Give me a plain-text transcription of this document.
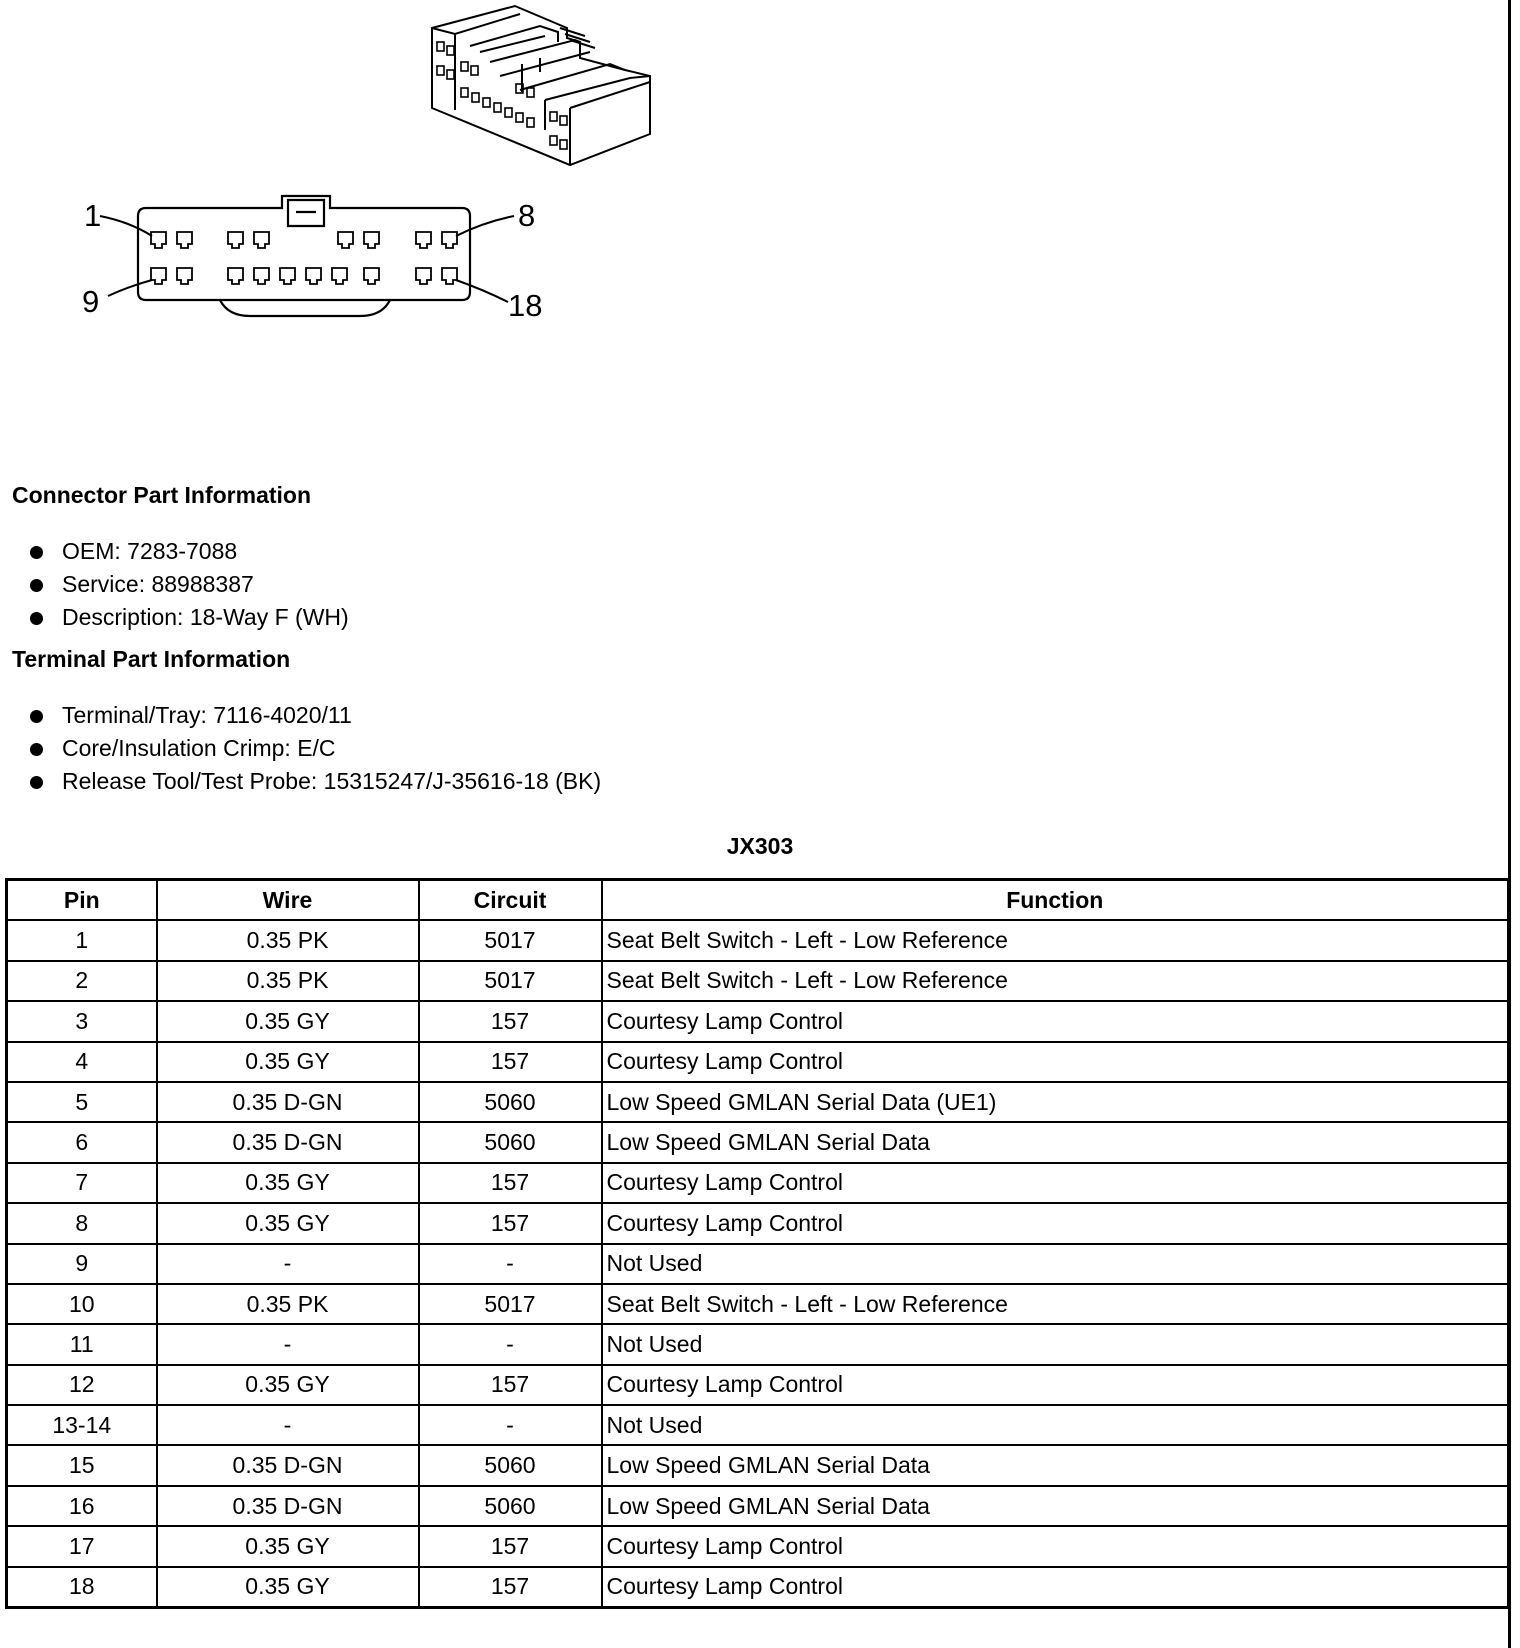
1	8
9	18
Connector Part Information
OEM: 7283-7088
Service: 88988387
Description: 18-Way F (WH)
Terminal Part Information
Terminal/Tray: 7116-4020/11
Core/Insulation Crimp: E/C
Release Tool/Test Probe: 15315247/J-35616-18 (BK)
JX303
Pin	Wire	Circuit	Function
1	0.35 PK	5017	Seat Belt Switch - Left - Low Reference
2	0.35 PK	5017	Seat Belt Switch - Left - Low Reference
3	0.35 GY	157	Courtesy Lamp Control
4	0.35 GY	157	Courtesy Lamp Control
5	0.35 D-GN	5060	Low Speed GMLAN Serial Data (UE1)
6	0.35 D-GN	5060	Low Speed GMLAN Serial Data
7	0.35 GY	157	Courtesy Lamp Control
8	0.35 GY	157	Courtesy Lamp Control
9	-	-	Not Used
10	0.35 PK	5017	Seat Belt Switch - Left - Low Reference
11	-	-	Not Used
12	0.35 GY	157	Courtesy Lamp Control
13-14	-	-	Not Used
15	0.35 D-GN	5060	Low Speed GMLAN Serial Data
16	0.35 D-GN	5060	Low Speed GMLAN Serial Data
17	0.35 GY	157	Courtesy Lamp Control
18	0.35 GY	157	Courtesy Lamp Control
